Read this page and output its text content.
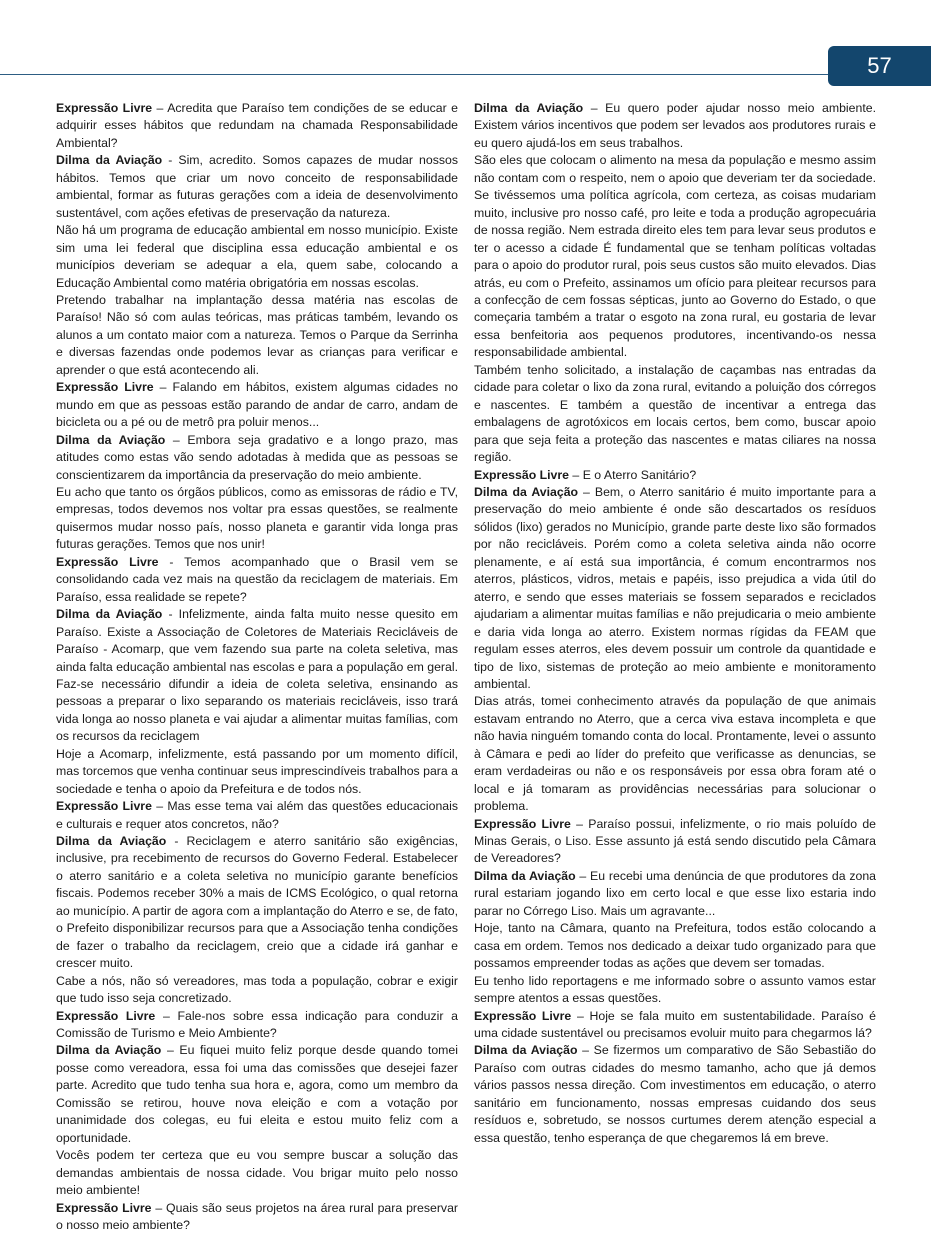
57

Expressão Livre – Acredita que Paraíso tem condições de se educar e adquirir esses hábitos que redundam na chamada Responsabilidade Ambiental?

Dilma da Aviação - Sim, acredito. Somos capazes de mudar nossos hábitos. Temos que criar um novo conceito de responsabilidade ambiental, formar as futuras gerações com a ideia de desenvolvimento sustentável, com ações efetivas de preservação da natureza.

Não há um programa de educação ambiental em nosso município. Existe sim uma lei federal que disciplina essa educação ambiental e os municípios deveriam se adequar a ela, quem sabe, colocando a Educação Ambiental como matéria obrigatória em nossas escolas.

Pretendo trabalhar na implantação dessa matéria nas escolas de Paraíso! Não só com aulas teóricas, mas práticas também, levando os alunos a um contato maior com a natureza. Temos o Parque da Serrinha e diversas fazendas onde podemos levar as crianças para verificar e aprender o que está acontecendo ali.

Expressão Livre – Falando em hábitos, existem algumas cidades no mundo em que as pessoas estão parando de andar de carro, andam de bicicleta ou a pé ou de metrô pra poluir menos...

Dilma da Aviação – Embora seja gradativo e a longo prazo, mas atitudes como estas vão sendo adotadas à medida que as pessoas se conscientizarem da importância da preservação do meio ambiente.

Eu acho que tanto os órgãos públicos, como as emissoras de rádio e TV, empresas, todos devemos nos voltar pra essas questões, se realmente quisermos mudar nosso país, nosso planeta e garantir vida longa pras futuras gerações. Temos que nos unir!

Expressão Livre - Temos acompanhado que o Brasil vem se consolidando cada vez mais na questão da reciclagem de materiais. Em Paraíso, essa realidade se repete?

Dilma da Aviação - Infelizmente, ainda falta muito nesse quesito em Paraíso. Existe a Associação de Coletores de Materiais Recicláveis de Paraíso - Acomarp, que vem fazendo sua parte na coleta seletiva, mas ainda falta educação ambiental nas escolas e para a população em geral. Faz-se necessário difundir a ideia de coleta seletiva, ensinando as pessoas a preparar o lixo separando os materiais recicláveis, isso trará vida longa ao nosso planeta e vai ajudar a alimentar muitas famílias, com os recursos da reciclagem

Hoje a Acomarp, infelizmente, está passando por um momento difícil, mas torcemos que venha continuar seus imprescindíveis trabalhos para a sociedade e tenha o apoio da Prefeitura e de todos nós.

Expressão Livre – Mas esse tema vai além das questões educacionais e culturais e requer atos concretos, não?

Dilma da Aviação - Reciclagem e aterro sanitário são exigências, inclusive, pra recebimento de recursos do Governo Federal. Estabelecer o aterro sanitário e a coleta seletiva no município garante benefícios fiscais. Podemos receber 30% a mais de ICMS Ecológico, o qual retorna ao município. A partir de agora com a implantação do Aterro e se, de fato, o Prefeito disponibilizar recursos para que a Associação tenha condições de fazer o trabalho da reciclagem, creio que a cidade irá ganhar e crescer muito.

Cabe a nós, não só vereadores, mas toda a população, cobrar e exigir que tudo isso seja concretizado.

Expressão Livre – Fale-nos sobre essa indicação para conduzir a Comissão de Turismo e Meio Ambiente?

Dilma da Aviação – Eu fiquei muito feliz porque desde quando tomei posse como vereadora, essa foi uma das comissões que desejei fazer parte. Acredito que tudo tenha sua hora e, agora, como um membro da Comissão se retirou, houve nova eleição e com a votação por unanimidade dos colegas, eu fui eleita e estou muito feliz com a oportunidade.

Vocês podem ter certeza que eu vou sempre buscar a solução das demandas ambientais de nossa cidade. Vou brigar muito pelo nosso meio ambiente!

Expressão Livre – Quais são seus projetos na área rural para preservar o nosso meio ambiente?

Dilma da Aviação – Eu quero poder ajudar nosso meio ambiente. Existem vários incentivos que podem ser levados aos produtores rurais e eu quero ajudá-los em seus trabalhos.

São eles que colocam o alimento na mesa da população e mesmo assim não contam com o respeito, nem o apoio que deveriam ter da sociedade. Se tivéssemos uma política agrícola, com certeza, as coisas mudariam muito, inclusive pro nosso café, pro leite e toda a produção agropecuária de nossa região. Nem estrada direito eles tem para levar seus produtos e ter o acesso a cidade É fundamental que se tenham políticas voltadas para o apoio do produtor rural, pois seus custos são muito elevados. Dias atrás, eu com o Prefeito, assinamos um ofício para pleitear recursos para a confecção de cem fossas sépticas, junto ao Governo do Estado, o que começaria também a tratar o esgoto na zona rural, eu gostaria de levar essa benfeitoria aos pequenos produtores, incentivando-os nessa responsabilidade ambiental.

Também tenho solicitado, a instalação de caçambas nas entradas da cidade para coletar o lixo da zona rural, evitando a poluição dos córregos e nascentes. E também a questão de incentivar a entrega das embalagens de agrotóxicos em locais certos, bem como, buscar apoio para que seja feita a proteção das nascentes e matas ciliares na nossa região.

Expressão Livre – E o Aterro Sanitário?

Dilma da Aviação – Bem, o Aterro sanitário é muito importante para a preservação do meio ambiente é onde são descartados os resíduos sólidos (lixo) gerados no Município, grande parte deste lixo são formados por não recicláveis. Porém como a coleta seletiva ainda não ocorre plenamente, e aí está sua importância, é comum encontrarmos nos aterros, plásticos, vidros, metais e papéis, isso prejudica a vida útil do aterro, e sendo que esses materiais se fossem separados e reciclados ajudariam a alimentar muitas famílias e não prejudicaria o meio ambiente e daria vida longa ao aterro. Existem normas rígidas da FEAM que regulam esses aterros, eles devem possuir um controle da quantidade e tipo de lixo, sistemas de proteção ao meio ambiente e monitoramento ambiental.

Dias atrás, tomei conhecimento através da população de que animais estavam entrando no Aterro, que a cerca viva estava incompleta e que não havia ninguém tomando conta do local. Prontamente, levei o assunto à Câmara e pedi ao líder do prefeito que verificasse as denuncias, se eram verdadeiras ou não e os responsáveis por essa obra foram até o local e já tomaram as providências necessárias para solucionar o problema.

Expressão Livre – Paraíso possui, infelizmente, o rio mais poluído de Minas Gerais, o Liso. Esse assunto já está sendo discutido pela Câmara de Vereadores?

Dilma da Aviação – Eu recebi uma denúncia de que produtores da zona rural estariam jogando lixo em certo local e que esse lixo estaria indo parar no Córrego Liso. Mais um agravante...

Hoje, tanto na Câmara, quanto na Prefeitura, todos estão colocando a casa em ordem. Temos nos dedicado a deixar tudo organizado para que possamos empreender todas as ações que devem ser tomadas.

Eu tenho lido reportagens e me informado sobre o assunto vamos estar sempre atentos a essas questões.

Expressão Livre – Hoje se fala muito em sustentabilidade. Paraíso é uma cidade sustentável ou precisamos evoluir muito para chegarmos lá?

Dilma da Aviação – Se fizermos um comparativo de São Sebastião do Paraíso com outras cidades do mesmo tamanho, acho que já demos vários passos nessa direção. Com investimentos em educação, o aterro sanitário em funcionamento, nossas empresas cuidando dos seus resíduos e, sobretudo, se nossos curtumes derem atenção especial a essa questão, tenho esperança de que chegaremos lá em breve.
